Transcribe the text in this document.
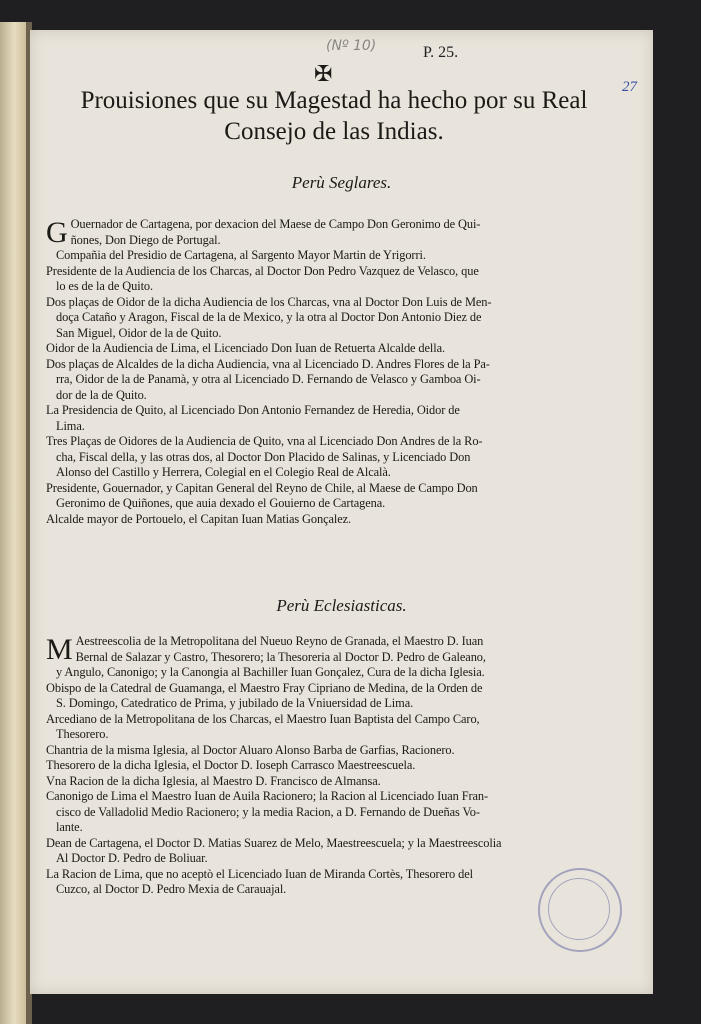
(Nº 10)	P. 25.
27
✠
Prouisiones que su Magestad ha hecho por su Real
Consejo de las Indias.
Perù Seglares.
G Ouernador de Cartagena, por dexacion del Maese de Campo Don Geronimo de Qui-
ñones, Don Diego de Portugal.
Compañia del Presidio de Cartagena, al Sargento Mayor Martin de Yrigorri.
Presidente de la Audiencia de los Charcas, al Doctor Don Pedro Vazquez de Velasco, que
lo es de la de Quito.
Dos plaças de Oidor de la dicha Audiencia de los Charcas, vna al Doctor Don Luis de Men-
doça Cataño y Aragon, Fiscal de la de Mexico, y la otra al Doctor Don Antonio Diez de
San Miguel, Oidor de la de Quito.
Oidor de la Audiencia de Lima, el Licenciado Don Iuan de Retuerta Alcalde della.
Dos plaças de Alcaldes de la dicha Audiencia, vna al Licenciado D. Andres Flores de la Pa-
rra, Oidor de la de Panamà, y otra al Licenciado D. Fernando de Velasco y Gamboa Oi-
dor de la de Quito.
La Presidencia de Quito, al Licenciado Don Antonio Fernandez de Heredia, Oidor de
Lima.
Tres Plaças de Oidores de la Audiencia de Quito, vna al Licenciado Don Andres de la Ro-
cha, Fiscal della, y las otras dos, al Doctor Don Placido de Salinas, y Licenciado Don
Alonso del Castillo y Herrera, Colegial en el Colegio Real de Alcalà.
Presidente, Gouernador, y Capitan General del Reyno de Chile, al Maese de Campo Don
Geronimo de Quiñones, que auia dexado el Gouierno de Cartagena.
Alcalde mayor de Portouelo, el Capitan Iuan Matias Gonçalez.
Perù Eclesiasticas.
M Aestreescolia de la Metropolitana del Nueuo Reyno de Granada, el Maestro D. Iuan
Bernal de Salazar y Castro, Thesorero; la Thesoreria al Doctor D. Pedro de Galeano,
y Angulo, Canonigo; y la Canongia al Bachiller Iuan Gonçalez, Cura de la dicha Iglesia.
Obispo de la Catedral de Guamanga, el Maestro Fray Cipriano de Medina, de la Orden de
S. Domingo, Catedratico de Prima, y jubilado de la Vniuersidad de Lima.
Arcediano de la Metropolitana de los Charcas, el Maestro Iuan Baptista del Campo Caro,
Thesorero.
Chantria de la misma Iglesia, al Doctor Aluaro Alonso Barba de Garfias, Racionero.
Thesorero de la dicha Iglesia, el Doctor D. Ioseph Carrasco Maestreescuela.
Vna Racion de la dicha Iglesia, al Maestro D. Francisco de Almansa.
Canonigo de Lima el Maestro Iuan de Auila Racionero; la Racion al Licenciado Iuan Fran-
cisco de Valladolid Medio Racionero; y la media Racion, a D. Fernando de Dueñas Vo-
lante.
Dean de Cartagena, el Doctor D. Matias Suarez de Melo, Maestreescuela; y la Maestreescolia
Al Doctor D. Pedro de Boliuar.
La Racion de Lima, que no aceptò el Licenciado Iuan de Miranda Cortès, Thesorero del
Cuzco, al Doctor D. Pedro Mexia de Carauajal.
